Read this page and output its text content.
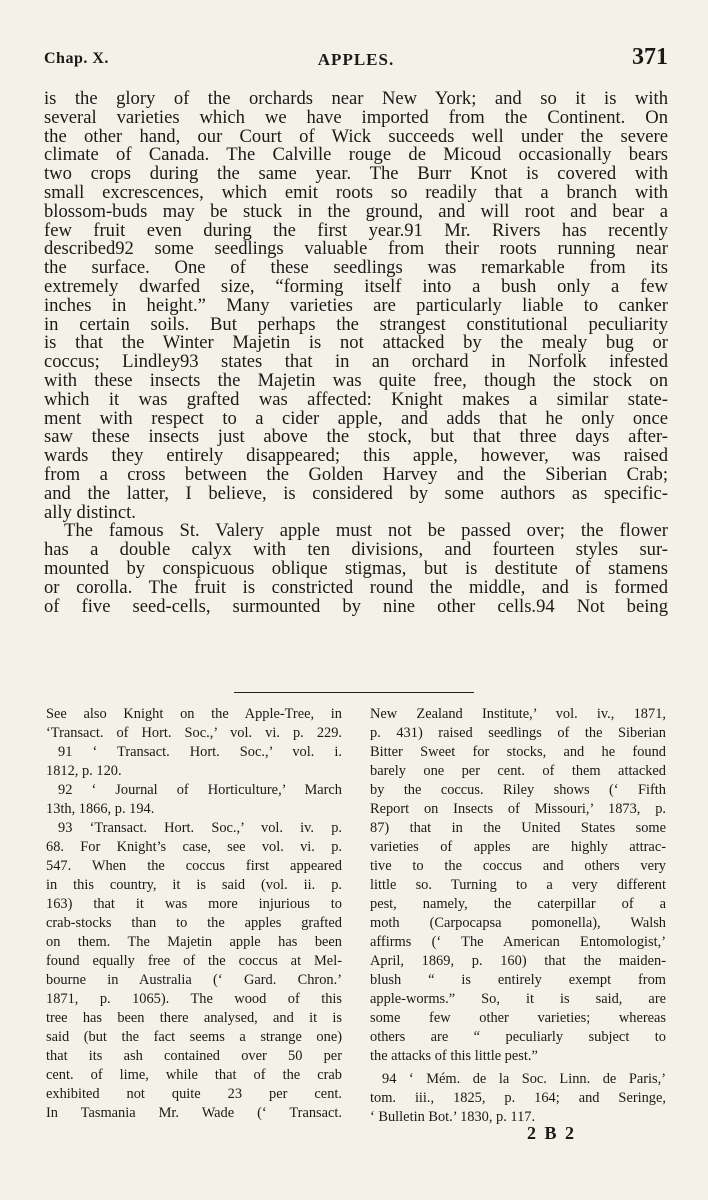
Chap. X.	APPLES.	371
is the glory of the orchards near New York; and so it is with
several varieties which we have imported from the Continent. On
the other hand, our Court of Wick succeeds well under the severe
climate of Canada. The Calville rouge de Micoud occasionally bears
two crops during the same year. The Burr Knot is covered with
small excrescences, which emit roots so readily that a branch with
blossom-buds may be stuck in the ground, and will root and bear a
few fruit even during the first year.91 Mr. Rivers has recently
described92 some seedlings valuable from their roots running near
the surface. One of these seedlings was remarkable from its
extremely dwarfed size, “forming itself into a bush only a few
inches in height.” Many varieties are particularly liable to canker
in certain soils. But perhaps the strangest constitutional peculiarity
is that the Winter Majetin is not attacked by the mealy bug or
coccus; Lindley93 states that in an orchard in Norfolk infested
with these insects the Majetin was quite free, though the stock on
which it was grafted was affected: Knight makes a similar state-
ment with respect to a cider apple, and adds that he only once
saw these insects just above the stock, but that three days after-
wards they entirely disappeared; this apple, however, was raised
from a cross between the Golden Harvey and the Siberian Crab;
and the latter, I believe, is considered by some authors as specific-
ally distinct.
The famous St. Valery apple must not be passed over; the flower
has a double calyx with ten divisions, and fourteen styles sur-
mounted by conspicuous oblique stigmas, but is destitute of stamens
or corolla. The fruit is constricted round the middle, and is formed
of five seed-cells, surmounted by nine other cells.94 Not being
See also Knight on the Apple-Tree, in
‘Transact. of Hort. Soc.,’ vol. vi. p. 229.
91 ‘ Transact. Hort. Soc.,’ vol. i.
1812, p. 120.
92 ‘ Journal of Horticulture,’ March
13th, 1866, p. 194.
93 ‘Transact. Hort. Soc.,’ vol. iv. p.
68. For Knight’s case, see vol. vi. p.
547. When the coccus first appeared
in this country, it is said (vol. ii. p.
163) that it was more injurious to
crab-stocks than to the apples grafted
on them. The Majetin apple has been
found equally free of the coccus at Mel-
bourne in Australia (‘ Gard. Chron.’
1871, p. 1065). The wood of this
tree has been there analysed, and it is
said (but the fact seems a strange one)
that its ash contained over 50 per
cent. of lime, while that of the crab
exhibited not quite 23 per cent.
In Tasmania Mr. Wade (‘ Transact.
New Zealand Institute,’ vol. iv., 1871,
p. 431) raised seedlings of the Siberian
Bitter Sweet for stocks, and he found
barely one per cent. of them attacked
by the coccus. Riley shows (‘ Fifth
Report on Insects of Missouri,’ 1873, p.
87) that in the United States some
varieties of apples are highly attrac-
tive to the coccus and others very
little so. Turning to a very different
pest, namely, the caterpillar of a
moth (Carpocapsa pomonella), Walsh
affirms (‘ The American Entomologist,’
April, 1869, p. 160) that the maiden-
blush “ is entirely exempt from
apple-worms.” So, it is said, are
some few other varieties; whereas
others are “ peculiarly subject to
the attacks of this little pest.”
94 ‘ Mém. de la Soc. Linn. de Paris,’
tom. iii., 1825, p. 164; and Seringe,
‘ Bulletin Bot.’ 1830, p. 117.
2 B 2
